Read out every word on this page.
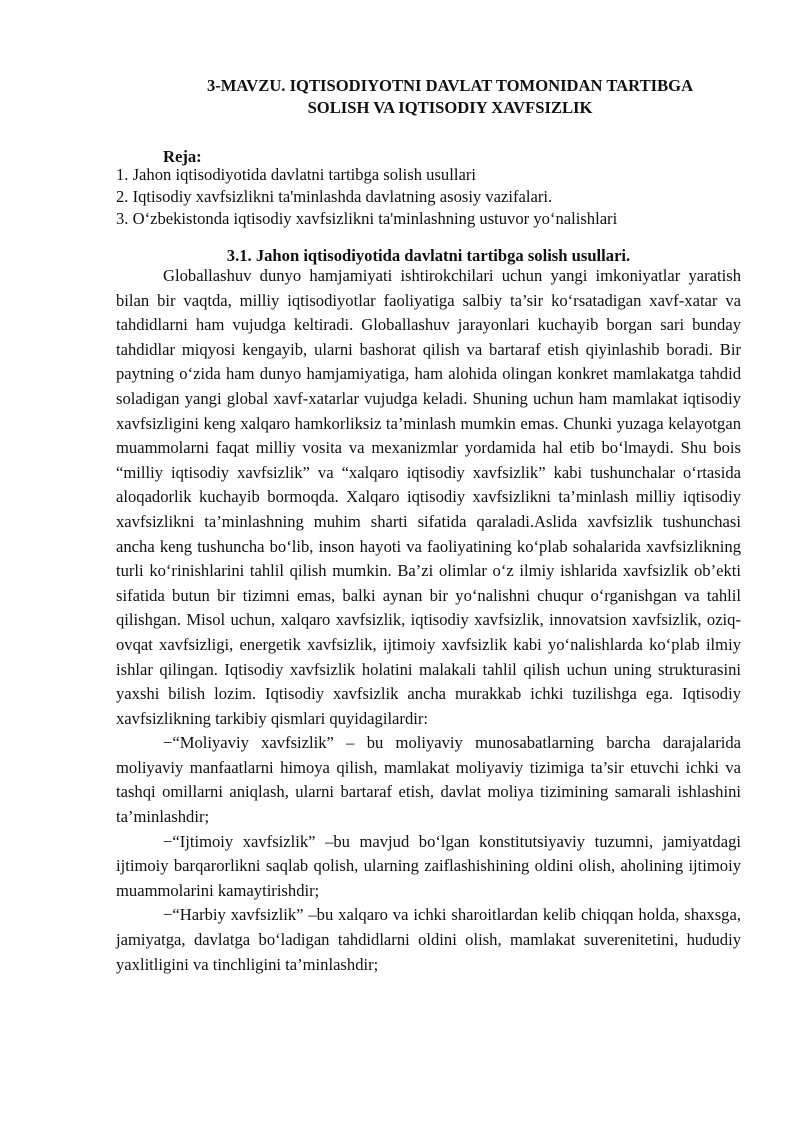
3-MAVZU. IQTISODIYOTNI DAVLAT TOMONIDAN TARTIBGA
SOLISH VA IQTISODIY XAVFSIZLIK
Reja:
1. Jahon iqtisodiyotida davlatni tartibga solish usullari
2. Iqtisodiy xavfsizlikni ta'minlashda davlatning asosiy vazifalari.
3. O‘zbekistonda iqtisodiy xavfsizlikni ta'minlashning ustuvor yo‘nalishlari
3.1. Jahon iqtisodiyotida davlatni tartibga solish usullari.

Globallashuv dunyo hamjamiyati ishtirokchilari uchun yangi imkoniyatlar yaratish bilan bir vaqtda, milliy iqtisodiyotlar faoliyatiga salbiy ta’sir ko‘rsatadigan xavf-xatar va tahdidlarni ham vujudga keltiradi. Globallashuv jarayonlari kuchayib borgan sari bunday tahdidlar miqyosi kengayib, ularni bashorat qilish va bartaraf etish qiyinlashib boradi. Bir paytning o‘zida ham dunyo hamjamiyatiga, ham alohida olingan konkret mamlakatga tahdid soladigan yangi global xavf-xatarlar vujudga keladi. Shuning uchun ham mamlakat iqtisodiy xavfsizligini keng xalqaro hamkorliksiz ta’minlash mumkin emas. Chunki yuzaga kelayotgan muammolarni faqat milliy vosita va mexanizmlar yordamida hal etib bo‘lmaydi. Shu bois “milliy iqtisodiy xavfsizlik” va “xalqaro iqtisodiy xavfsizlik” kabi tushunchalar o‘rtasida aloqadorlik kuchayib bormoqda. Xalqaro iqtisodiy xavfsizlikni ta’minlash milliy iqtisodiy xavfsizlikni ta’minlashning muhim sharti sifatida qaraladi.Aslida xavfsizlik tushunchasi ancha keng tushuncha bo‘lib, inson hayoti va faoliyatining ko‘plab sohalarida xavfsizlikning turli ko‘rinishlarini tahlil qilish mumkin. Ba’zi olimlar o‘z ilmiy ishlarida xavfsizlik ob’ekti sifatida butun bir tizimni emas, balki aynan bir yo‘nalishni chuqur o‘rganishgan va tahlil qilishgan. Misol uchun, xalqaro xavfsizlik, iqtisodiy xavfsizlik, innovatsion xavfsizlik, oziq-ovqat xavfsizligi, energetik xavfsizlik, ijtimoiy xavfsizlik kabi yo‘nalishlarda ko‘plab ilmiy ishlar qilingan. Iqtisodiy xavfsizlik holatini malakali tahlil qilish uchun uning strukturasini yaxshi bilish lozim. Iqtisodiy xavfsizlik ancha murakkab ichki tuzilishga ega. Iqtisodiy xavfsizlikning tarkibiy qismlari quyidagilardir:

−“Moliyaviy xavfsizlik” – bu moliyaviy munosabatlarning barcha darajalarida moliyaviy manfaatlarni himoya qilish, mamlakat moliyaviy tizimiga ta’sir etuvchi ichki va tashqi omillarni aniqlash, ularni bartaraf etish, davlat moliya tizimining samarali ishlashini ta’minlashdir;

−“Ijtimoiy xavfsizlik” –bu mavjud bo‘lgan konstitutsiyaviy tuzumni, jamiyatdagi ijtimoiy barqarorlikni saqlab qolish, ularning zaiflashishining oldini olish, aholining ijtimoiy muammolarini kamaytirishdir;

−“Harbiy xavfsizlik” –bu xalqaro va ichki sharoitlardan kelib chiqqan holda, shaxsga, jamiyatga, davlatga bo‘ladigan tahdidlarni oldini olish, mamlakat suverenitetini, hududiy yaxlitligini va tinchligini ta’minlashdir;
